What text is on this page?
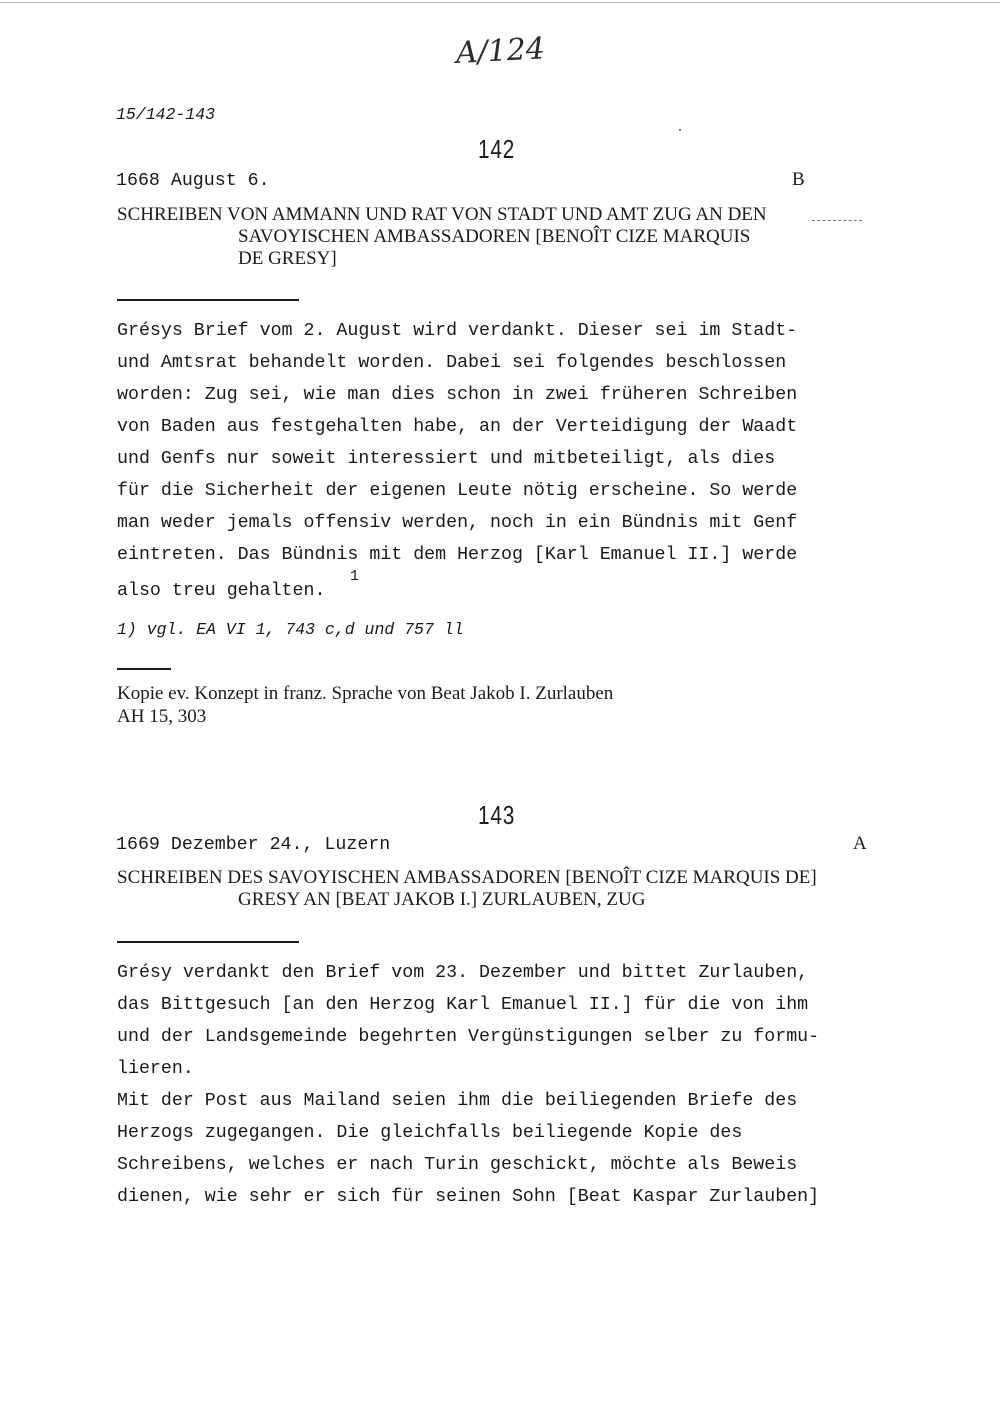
A/124
15/142-143
142
1668 August 6.	B
SCHREIBEN VON AMMANN UND RAT VON STADT UND AMT ZUG AN DEN
SAVOYISCHEN AMBASSADOREN [BENOÎT CIZE MARQUIS
DE GRESY]
Grésys Brief vom 2. August wird verdankt. Dieser sei im Stadt-
und Amtsrat behandelt worden. Dabei sei folgendes beschlossen
worden: Zug sei, wie man dies schon in zwei früheren Schreiben
von Baden aus festgehalten habe, an der Verteidigung der Waadt
und Genfs nur soweit interessiert und mitbeteiligt, als dies
für die Sicherheit der eigenen Leute nötig erscheine. So werde
man weder jemals offensiv werden, noch in ein Bündnis mit Genf
eintreten. Das Bündnis mit dem Herzog [Karl Emanuel II.] werde
also treu gehalten.
1
1) vgl. EA VI 1, 743 c,d und 757 ll
Kopie ev. Konzept in franz. Sprache von Beat Jakob I. Zurlauben
AH 15, 303
143
1669 Dezember 24., Luzern	A
SCHREIBEN DES SAVOYISCHEN AMBASSADOREN [BENOÎT CIZE MARQUIS DE]
GRESY AN [BEAT JAKOB I.] ZURLAUBEN, ZUG
Grésy verdankt den Brief vom 23. Dezember und bittet Zurlauben,
das Bittgesuch [an den Herzog Karl Emanuel II.] für die von ihm
und der Landsgemeinde begehrten Vergünstigungen selber zu formu-
lieren.
Mit der Post aus Mailand seien ihm die beiliegenden Briefe des
Herzogs zugegangen. Die gleichfalls beiliegende Kopie des
Schreibens, welches er nach Turin geschickt, möchte als Beweis
dienen, wie sehr er sich für seinen Sohn [Beat Kaspar Zurlauben]
